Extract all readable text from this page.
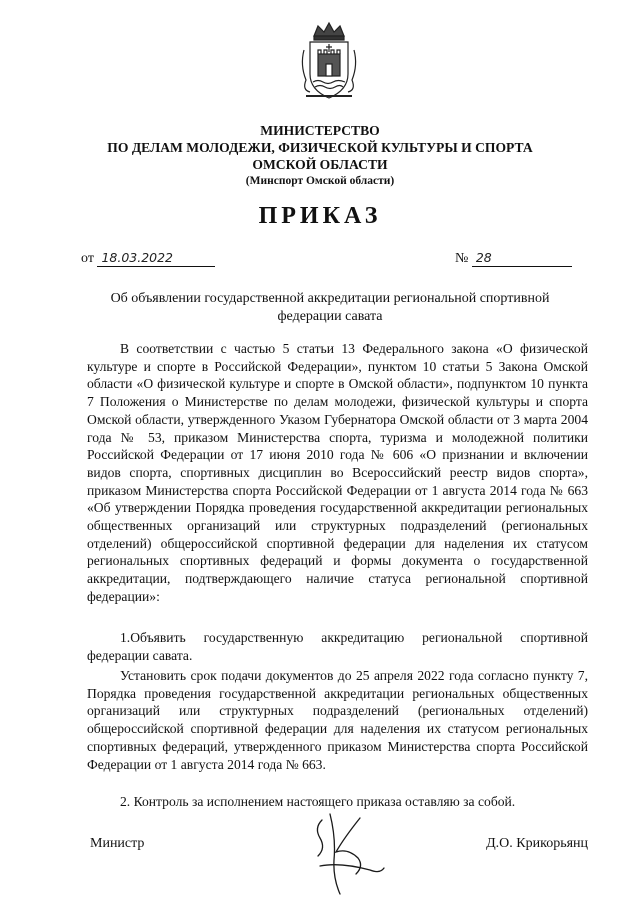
МИНИСТЕРСТВО
ПО ДЕЛАМ МОЛОДЕЖИ, ФИЗИЧЕСКОЙ КУЛЬТУРЫ И СПОРТА
ОМСКОЙ ОБЛАСТИ
(Минспорт Омской области)
ПРИКАЗ
от 18.03.2022	№ 28
Об объявлении государственной аккредитации региональной спортивной федерации савата

В соответствии с частью 5 статьи 13 Федерального закона «О физической культуре и спорте в Российской Федерации», пунктом 10 статьи 5 Закона Омской области «О физической культуре и спорте в Омской области», подпунктом 10 пункта 7 Положения о Министерстве по делам молодежи, физической культуры и спорта Омской области, утвержденного Указом Губернатора Омской области от 3 марта 2004 года № 53, приказом Министерства спорта, туризма и молодежной политики Российской Федерации от 17 июня 2010 года № 606 «О признании и включении видов спорта, спортивных дисциплин во Всероссийский реестр видов спорта», приказом Министерства спорта Российской Федерации от 1 августа 2014 года № 663 «Об утверждении Порядка проведения государственной аккредитации региональных общественных организаций или структурных подразделений (региональных отделений) общероссийской спортивной федерации для наделения их статусом региональных спортивных федераций и формы документа о государственной аккредитации, подтверждающего наличие статуса региональной спортивной федерации»:

1.Объявить государственную аккредитацию региональной спортивной федерации савата.

Установить срок подачи документов до 25 апреля 2022 года согласно пункту 7, Порядка проведения государственной аккредитации региональных общественных организаций или структурных подразделений (региональных отделений) общероссийской спортивной федерации для наделения их статусом региональных спортивных федераций, утвержденного приказом Министерства спорта Российской Федерации от 1 августа 2014 года № 663.

2. Контроль за исполнением настоящего приказа оставляю за собой.

Министр	Д.О. Крикорьянц
